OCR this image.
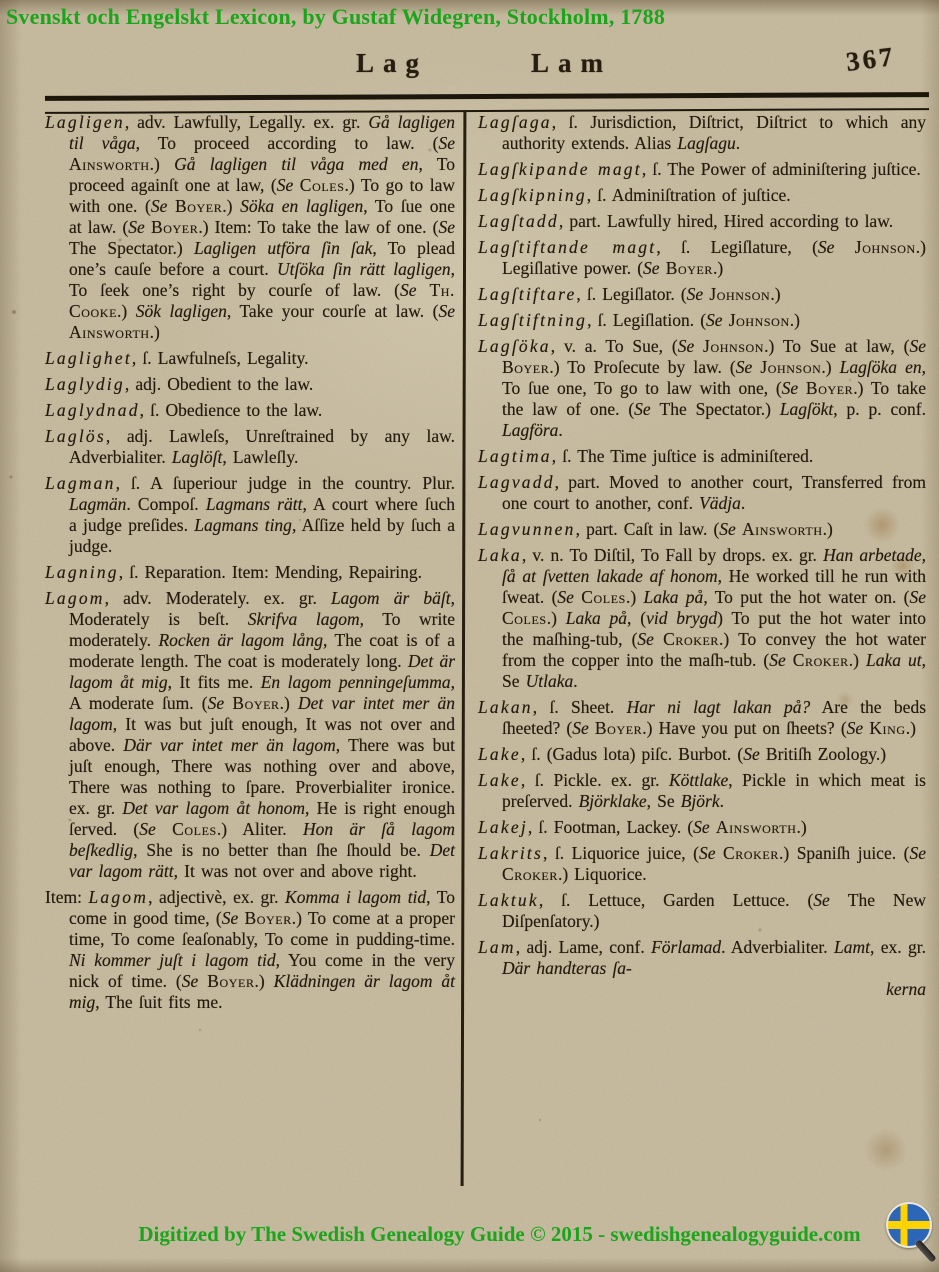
Svenskt och Engelskt Lexicon, by Gustaf Widegren, Stockholm, 1788
Lag	Lam	367

Lagligen, adv. Lawfully, Legally. ex. gr. Gå lagligen til våga, To proceed according to law. (Se Ainsworth.) Gå lagligen til våga med en, To proceed againſt one at law, (Se Coles.) To go to law with one. (Se Boyer.) Söka en lagligen, To ſue one at law. (Se Boyer.) Item: To take the law of one. (Se The Spectator.) Lagligen utföra ſin ſak, To plead one’s cauſe before a court. Utſöka ſin rätt lagligen, To ſeek one’s right by courſe of law. (Se Th. Cooke.) Sök lagligen, Take your courſe at law. (Se Ainsworth.)

Laglighet, ſ. Lawfulneſs, Legality.

Laglydig, adj. Obedient to the law.

Laglydnad, ſ. Obedience to the law.

Laglös, adj. Lawleſs, Unreſtrained by any law. Adverbialiter. Laglöſt, Lawleſly.

Lagman, ſ. A ſuperiour judge in the country. Plur. Lagmän. Compoſ. Lagmans rätt, A court where ſuch a judge preſides. Lagmans ting, Aſſize held by ſuch a judge.

Lagning, ſ. Reparation. Item: Mending, Repairing.

Lagom, adv. Moderately. ex. gr. Lagom är bäſt, Moderately is beſt. Skrifva lagom, To write moderately. Rocken är lagom lång, The coat is of a moderate length. The coat is moderately long. Det är lagom åt mig, It fits me. En lagom penningeſumma, A moderate ſum. (Se Boyer.) Det var intet mer än lagom, It was but juſt enough, It was not over and above. Där var intet mer än lagom, There was but juſt enough, There was nothing over and above, There was nothing to ſpare. Proverbialiter ironice. ex. gr. Det var lagom åt honom, He is right enough ſerved. (Se Coles.) Aliter. Hon är ſå lagom beſkedlig, She is no better than ſhe ſhould be. Det var lagom rätt, It was not over and above right.

Item: Lagom, adjectivè, ex. gr. Komma i lagom tid, To come in good time, (Se Boyer.) To come at a proper time, To come ſeaſonably, To come in pudding-time. Ni kommer juſt i lagom tid, You come in the very nick of time. (Se Boyer.) Klädningen är lagom åt mig, The ſuit fits me.

Lagſaga, ſ. Jurisdiction, Diſtrict, Diſtrict to which any authority extends. Alias Lagſagu.

Lagſkipande magt, ſ. The Power of adminiſtering juſtice.

Lagſkipning, ſ. Adminiſtration of juſtice.

Lagſtadd, part. Lawfully hired, Hired according to law.

Lagſtiftande magt, ſ. Legiſlature, (Se Johnson.) Legiſlative power. (Se Boyer.)

Lagſtiftare, ſ. Legiſlator. (Se Johnson.)

Lagſtiftning, ſ. Legiſlation. (Se Johnson.)

Lagſöka, v. a. To Sue, (Se Johnson.) To Sue at law, (Se Boyer.) To Proſecute by law. (Se Johnson.) Lagſöka en, To ſue one, To go to law with one, (Se Boyer.) To take the law of one. (Se The Spectator.) Lagſökt, p. p. conf. Lagföra.

Lagtima, ſ. The Time juſtice is adminiſtered.

Lagvadd, part. Moved to another court, Transferred from one court to another, conf. Vädja.

Lagvunnen, part. Caſt in law. (Se Ainsworth.)

Laka, v. n. To Diſtil, To Fall by drops. ex. gr. Han arbetade, ſå at ſvetten lakade af honom, He worked till he run with ſweat. (Se Coles.) Laka på, To put the hot water on. (Se Coles.) Laka på, (vid brygd) To put the hot water into the maſhing-tub, (Se Croker.) To convey the hot water from the copper into the maſh-tub. (Se Croker.) Laka ut, Se Utlaka.

Lakan, ſ. Sheet. Har ni lagt lakan på? Are the beds ſheeted? (Se Boyer.) Have you put on ſheets? (Se King.)

Lake, ſ. (Gadus lota) piſc. Burbot. (Se Britiſh Zoology.)

Lake, ſ. Pickle. ex. gr. Köttlake, Pickle in which meat is preſerved. Björklake, Se Björk.

Lakej, ſ. Footman, Lackey. (Se Ainsworth.)

Lakrits, ſ. Liquorice juice, (Se Croker.) Spaniſh juice. (Se Croker.) Liquorice.

Laktuk, ſ. Lettuce, Garden Lettuce. (Se The New Diſpenſatory.)

Lam, adj. Lame, conf. Förlamad. Adverbialiter. Lamt, ex. gr. Där handteras ſa-
kerna

Digitized by The Swedish Genealogy Guide © 2015 - swedishgenealogyguide.com
